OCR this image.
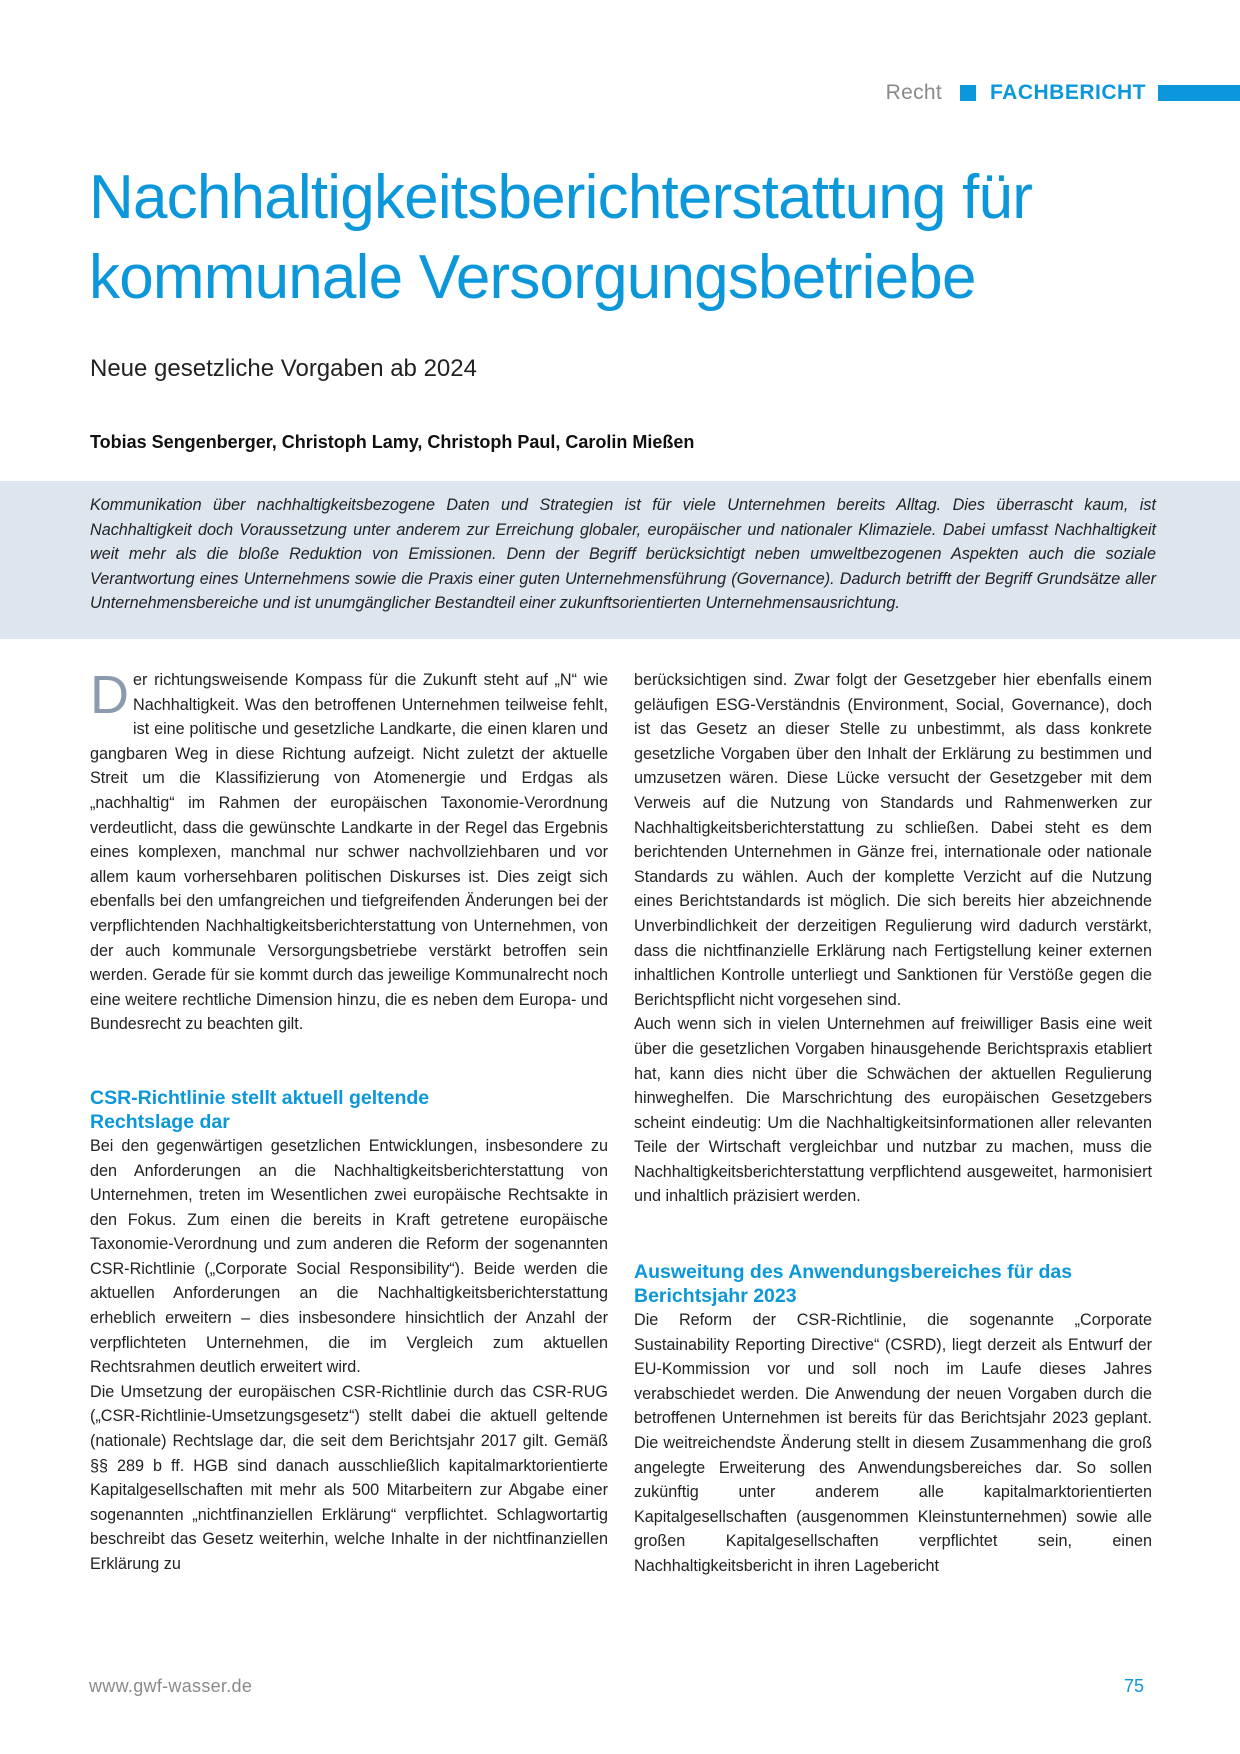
Recht FACHBERICHT
Nachhaltigkeitsberichterstattung für
kommunale Versorgungsbetriebe

Neue gesetzliche Vorgaben ab 2024

Tobias Sengenberger, Christoph Lamy, Christoph Paul, Carolin Mießen

Kommunikation über nachhaltigkeitsbezogene Daten und Strategien ist für viele Unternehmen bereits Alltag. Dies überrascht kaum, ist Nachhaltigkeit doch Voraussetzung unter anderem zur Erreichung globaler, europäischer und nationaler Klimaziele. Dabei umfasst Nachhaltigkeit weit mehr als die bloße Reduktion von Emissionen. Denn der Begriff berücksichtigt neben umweltbezogenen Aspekten auch die soziale Verantwortung eines Unternehmens sowie die Praxis einer guten Unternehmensführung (Governance). Dadurch betrifft der Begriff Grundsätze aller Unternehmensbereiche und ist unumgänglicher Bestandteil einer zukunftsorientierten Unternehmensausrichtung.

Der richtungsweisende Kompass für die Zukunft steht auf „N“ wie Nachhaltigkeit. Was den betroffenen Unternehmen teilweise fehlt, ist eine politische und gesetzliche Landkarte, die einen klaren und gangbaren Weg in diese Richtung aufzeigt. Nicht zuletzt der aktuelle Streit um die Klassifizierung von Atomenergie und Erdgas als „nachhaltig“ im Rahmen der europäischen Taxonomie-Verordnung verdeutlicht, dass die gewünschte Landkarte in der Regel das Ergebnis eines komplexen, manchmal nur schwer nachvollziehbaren und vor allem kaum vorhersehbaren politischen Diskurses ist. Dies zeigt sich ebenfalls bei den umfangreichen und tiefgreifenden Änderungen bei der verpflichtenden Nachhaltigkeitsberichterstattung von Unternehmen, von der auch kommunale Versorgungsbetriebe verstärkt betroffen sein werden. Gerade für sie kommt durch das jeweilige Kommunalrecht noch eine weitere rechtliche Dimension hinzu, die es neben dem Europa- und Bundesrecht zu beachten gilt.

CSR-Richtlinie stellt aktuell geltende
Rechtslage dar

Bei den gegenwärtigen gesetzlichen Entwicklungen, insbesondere zu den Anforderungen an die Nachhaltigkeitsberichterstattung von Unternehmen, treten im Wesentlichen zwei europäische Rechtsakte in den Fokus. Zum einen die bereits in Kraft getretene europäische Taxonomie-Verordnung und zum anderen die Reform der sogenannten CSR-Richtlinie („Corporate Social Responsibility“). Beide werden die aktuellen Anforderungen an die Nachhaltigkeitsberichterstattung erheblich erweitern – dies insbesondere hinsichtlich der Anzahl der verpflichteten Unternehmen, die im Vergleich zum aktuellen Rechtsrahmen deutlich erweitert wird.

Die Umsetzung der europäischen CSR-Richtlinie durch das CSR-RUG („CSR-Richtlinie-Umsetzungsgesetz“) stellt dabei die aktuell geltende (nationale) Rechtslage dar, die seit dem Berichtsjahr 2017 gilt. Gemäß §§ 289 b ff. HGB sind danach ausschließlich kapitalmarktorientierte Kapitalgesellschaften mit mehr als 500 Mitarbeitern zur Abgabe einer sogenannten „nichtfinanziellen Erklärung“ verpflichtet. Schlagwortartig beschreibt das Gesetz weiterhin, welche Inhalte in der nichtfinanziellen Erklärung zu

berücksichtigen sind. Zwar folgt der Gesetzgeber hier ebenfalls einem geläufigen ESG-Verständnis (Environment, Social, Governance), doch ist das Gesetz an dieser Stelle zu unbestimmt, als dass konkrete gesetzliche Vorgaben über den Inhalt der Erklärung zu bestimmen und umzusetzen wären. Diese Lücke versucht der Gesetzgeber mit dem Verweis auf die Nutzung von Standards und Rahmenwerken zur Nachhaltigkeitsberichterstattung zu schließen. Dabei steht es dem berichtenden Unternehmen in Gänze frei, internationale oder nationale Standards zu wählen. Auch der komplette Verzicht auf die Nutzung eines Berichtstandards ist möglich. Die sich bereits hier abzeichnende Unverbindlichkeit der derzeitigen Regulierung wird dadurch verstärkt, dass die nichtfinanzielle Erklärung nach Fertigstellung keiner externen inhaltlichen Kontrolle unterliegt und Sanktionen für Verstöße gegen die Berichtspflicht nicht vorgesehen sind.

Auch wenn sich in vielen Unternehmen auf freiwilliger Basis eine weit über die gesetzlichen Vorgaben hinausgehende Berichtspraxis etabliert hat, kann dies nicht über die Schwächen der aktuellen Regulierung hinweghelfen. Die Marschrichtung des europäischen Gesetzgebers scheint eindeutig: Um die Nachhaltigkeitsinformationen aller relevanten Teile der Wirtschaft vergleichbar und nutzbar zu machen, muss die Nachhaltigkeitsberichterstattung verpflichtend ausgeweitet, harmonisiert und inhaltlich präzisiert werden.

Ausweitung des Anwendungsbereiches für das
Berichtsjahr 2023

Die Reform der CSR-Richtlinie, die sogenannte „Corporate Sustainability Reporting Directive“ (CSRD), liegt derzeit als Entwurf der EU-Kommission vor und soll noch im Laufe dieses Jahres verabschiedet werden. Die Anwendung der neuen Vorgaben durch die betroffenen Unternehmen ist bereits für das Berichtsjahr 2023 geplant. Die weitreichendste Änderung stellt in diesem Zusammenhang die groß angelegte Erweiterung des Anwendungsbereiches dar. So sollen zukünftig unter anderem alle kapitalmarktorientierten Kapitalgesellschaften (ausgenommen Kleinstunternehmen) sowie alle großen Kapitalgesellschaften verpflichtet sein, einen Nachhaltigkeitsbericht in ihren Lagebericht

www.gwf-wasser.de	75
